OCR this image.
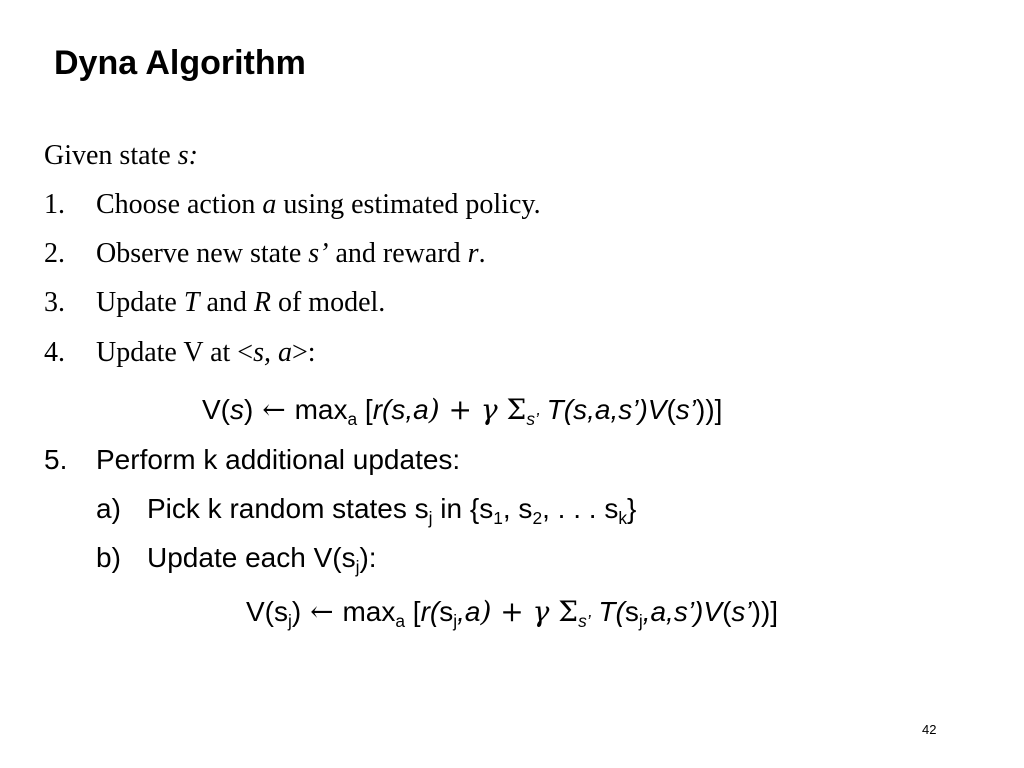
Dyna Algorithm
Given state s:
1. Choose action a using estimated policy.
2. Observe new state s’ and reward r.
3. Update T and R of model.
4. Update V at <s, a>:
V(s) ← $\max_a [r(s,a) + \gamma$ $\Sigma_{s’}$ T(s,a,s’)V(s’))]
5. Perform k additional updates:
a) Pick k random states $s_j$ in {$s_1$, $s_2$, . . . $s_k$}
b) Update each $V(s_j)$:
$V(s_j)$ ← $\max_a [r(s_j,a) + \gamma$ $\Sigma_{s’}$ $T(s_j,a,s’)V(s’)$)]
42
